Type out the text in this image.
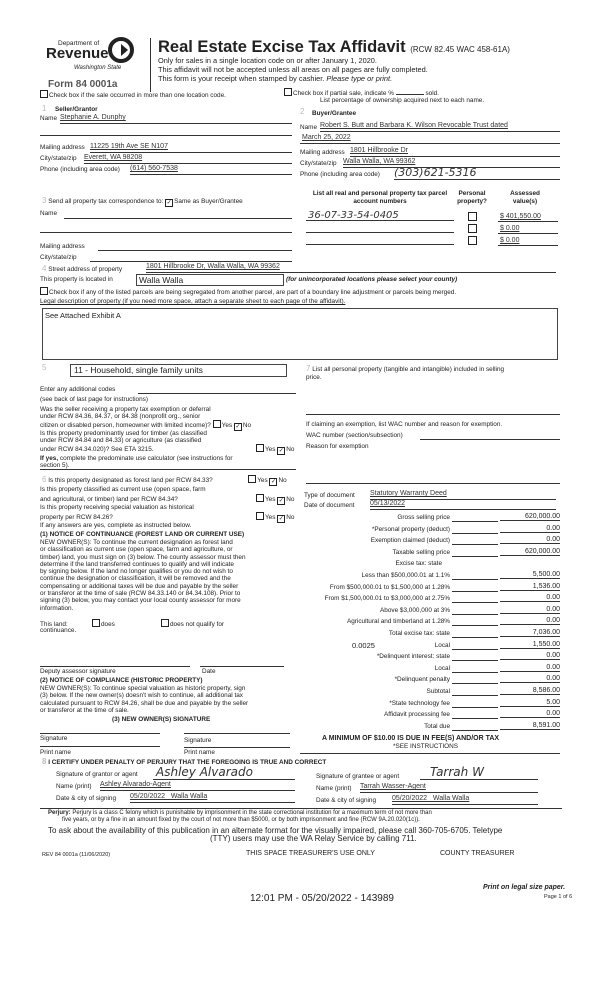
Department of
Revenue
Washington State
Form 84 0001a
Real Estate Excise Tax Affidavit (RCW 82.45 WAC 458-61A)
Only for sales in a single location code on or after January 1, 2020.
This affidavit will not be accepted unless all areas on all pages are fully completed.
This form is your receipt when stamped by cashier. Please type or print.
Check box if the sale occurred in more than one location code.	Check box if partial sale, indicate %	sold.
List percentage of ownership acquired next to each name.
1 Seller/Grantor
Name Stephanie A. Dunphy
Mailing address 11225 19th Ave SE N107
City/state/zip Everett, WA 98208
Phone (including area code) (614) 560-7538
2 Buyer/Grantee
Name Robert S. Butt and Barbara K. Wilson Revocable Trust dated
March 25, 2022
Mailing address 1801 Hillbrooke Dr
City/state/zip Walla Walla, WA 99362
Phone (including area code) (303)621-5316
3 Send all property tax correspondence to: ✓ Same as Buyer/Grantee
Name
Mailing address
City/state/zip
List all real and personal property tax parcel account numbers
Personal property?
Assessed value(s)
36-07-33-54-0405	$ 401,550.00
$ 0.00
$ 0.00
4 Street address of property	1801 Hillbrooke Dr, Walla Walla, WA 99362
This property is located in	Walla Walla	(for unincorporated locations please select your county)
Check box if any of the listed parcels are being segregated from another parcel, are part of a boundary line adjustment or parcels being merged.
Legal description of property (if you need more space, attach a separate sheet to each page of the affidavit).
See Attached Exhibit A
5	11 - Household, single family units
Enter any additional codes
(see back of last page for instructions)
Was the seller receiving a property tax exemption or deferral
under RCW 84.36, 84.37, or 84.38 (nonprofit org., senior
citizen or disabled person, homeowner with limited income)? Yes ✓ No
Is this property predominantly used for timber (as classified
under RCW 84.84 and 84.33) or agriculture (as classified
under RCW 84.34.020)? See ETA 3215.	Yes ✓ No
If yes, complete the predominate use calculator (see instructions for
section 5).
7 List all personal property (tangible and intangible) included in selling
price.
If claiming an exemption, list WAC number and reason for exemption.
WAC number (section/subsection)
Reason for exemption
6 Is this property designated as forest land per RCW 84.33?	Yes ✓ No
Is this property classified as current use (open space, farm
and agricultural, or timber) land per RCW 84.34?	Yes ✓ No
Is this property receiving special valuation as historical
property per RCW 84.26?	Yes ✓ No
If any answers are yes, complete as instructed below.
(1) NOTICE OF CONTINUANCE (FOREST LAND OR CURRENT USE)
NEW OWNER(S): To continue the current designation as forest land
or classification as current use (open space, farm and agriculture, or
timber) land, you must sign on (3) below. The county assessor must then
determine if the land transferred continues to qualify and will indicate
by signing below. If the land no longer qualifies or you do not wish to
continue the designation or classification, it will be removed and the
compensating or additional taxes will be due and payable by the seller
or transferor at the time of sale (RCW 84.33.140 or 84.34.108). Prior to
signing (3) below, you may contact your local county assessor for more
information.
This land:	does	does not qualify for
continuance.
Deputy assessor signature	Date
(2) NOTICE OF COMPLIANCE (HISTORIC PROPERTY)
NEW OWNER(S): To continue special valuation as historic property, sign
(3) below. If the new owner(s) doesn't wish to continue, all additional tax
calculated pursuant to RCW 84.26, shall be due and payable by the seller
or transferor at the time of sale.
(3) NEW OWNER(S) SIGNATURE
Signature	Signature
Print name	Print name
Type of document Statutory Warranty Deed
Date of document 05/13/2022
Gross selling price	620,000.00
*Personal property (deduct)	0.00
Exemption claimed (deduct)	0.00
Taxable selling price	620,000.00
Excise tax: state
Less than $500,000.01 at 1.1%	5,500.00
From $500,000.01 to $1,500,000 at 1.28%	1,536.00
From $1,500,000.01 to $3,000,000 at 2.75%	0.00
Above $3,000,000 at 3%	0.00
Agricultural and timberland at 1.28%	0.00
Total excise tax: state	7,036.00
Local
0.0025	1,550.00
*Delinquent interest: state	0.00
Local	0.00
*Delinquent penalty	0.00
Subtotal	8,586.00
*State technology fee	5.00
Affidavit processing fee	0.00
Total due	8,591.00
A MINIMUM OF $10.00 IS DUE IN FEE(S) AND/OR TAX
*SEE INSTRUCTIONS
8 I CERTIFY UNDER PENALTY OF PERJURY THAT THE FOREGOING IS TRUE AND CORRECT
Signature of grantor or agent Ashley Alvarado
Name (print) Ashley Alvarado-Agent
Date & city of signing 05/20/2022   Walla Walla
Signature of grantee or agent	Tarrah W
Name (print) Tarrah Wasser-Agent
Date & city of signing 05/20/2022   Walla Walla
Perjury: Perjury is a class C felony which is punishable by imprisonment in the state correctional institution for a maximum term of not more than
five years, or by a fine in an amount fixed by the court of not more than $5000, or by both imprisonment and fine (RCW 9A.20.020(1c)).
To ask about the availability of this publication in an alternate format for the visually impaired, please call 360-705-6705. Teletype
(TTY) users may use the WA Relay Service by calling 711.
REV 84 0001a (11/06/2020)	THIS SPACE TREASURER'S USE ONLY	COUNTY TREASURER
12:01 PM - 05/20/2022 - 143989
Print on legal size paper.
Page 1 of 6
